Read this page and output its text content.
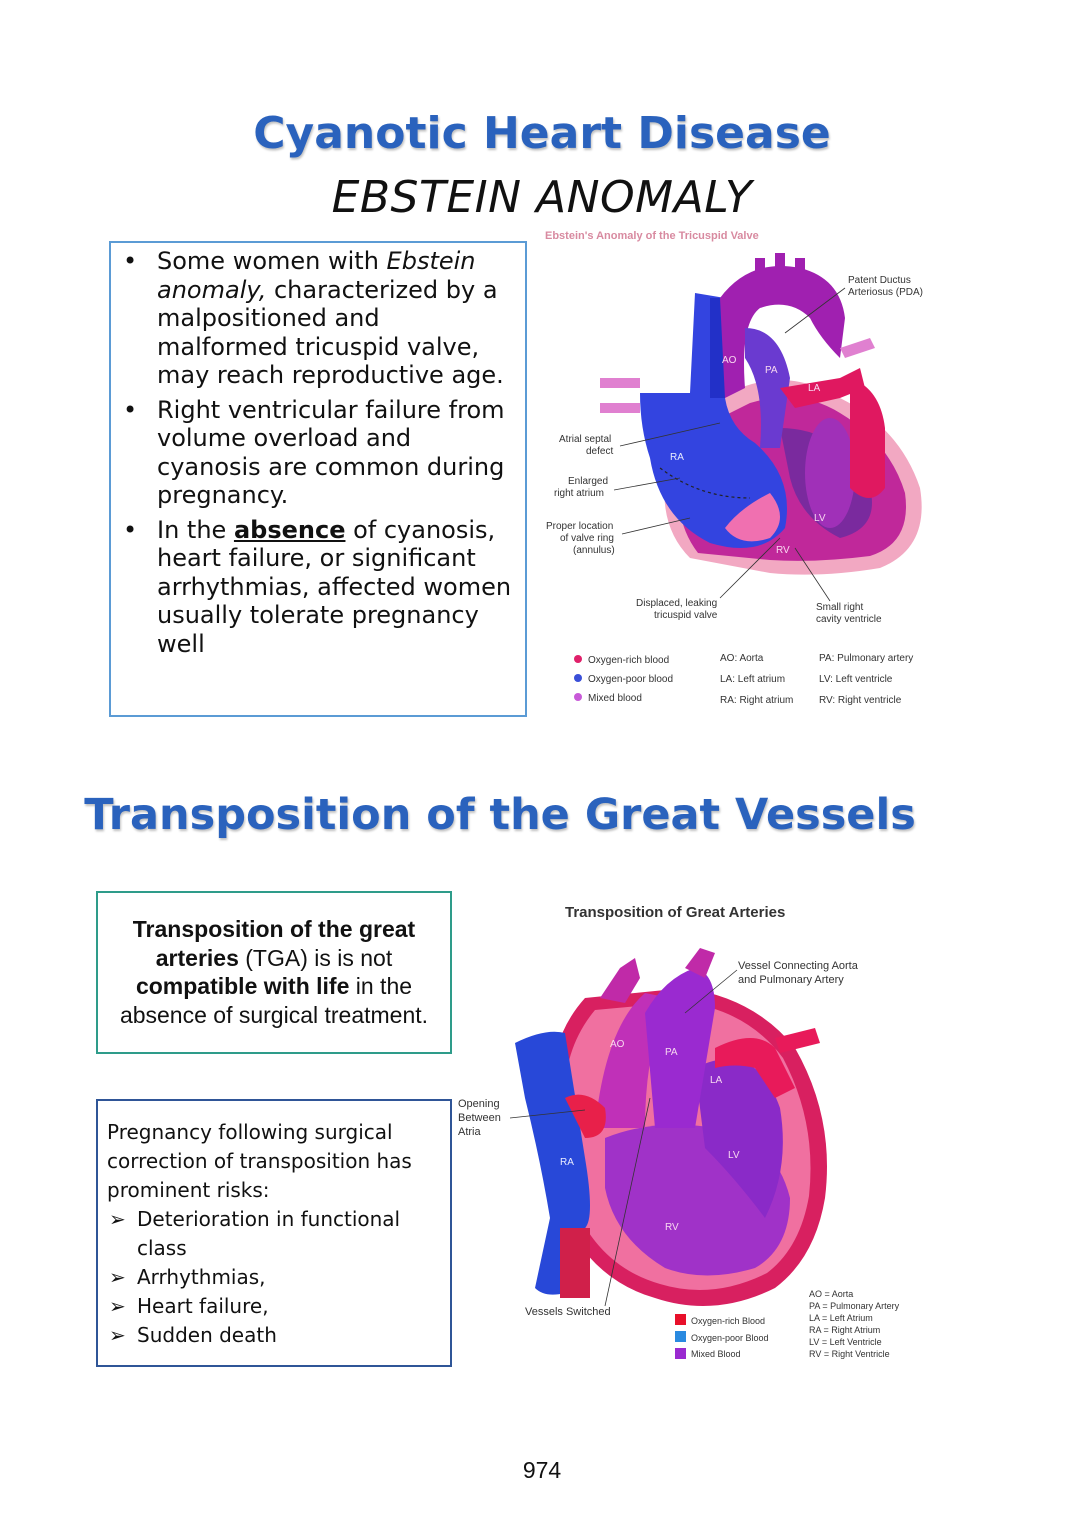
Cyanotic Heart Disease
EBSTEIN ANOMALY
• Some women with Ebstein anomaly, characterized by a malpositioned and malformed tricuspid valve, may reach reproductive age.
• Right ventricular failure from volume overload and cyanosis are common during pregnancy.
• In the absence of cyanosis, heart failure, or significant arrhythmias, affected women usually tolerate pregnancy well
Ebstein's Anomaly of the Tricuspid Valve
Patent Ductus
Arteriosus (PDA)
Atrial septal
defect
Enlarged
right atrium
Proper location
of valve ring
(annulus)
Displaced, leaking
tricuspid valve
Small right
cavity ventricle
AO
PA
LA
RA
LV
RV
Oxygen-rich blood
Oxygen-poor blood
Mixed blood
AO: Aorta
LA: Left atrium
RA: Right atrium
PA: Pulmonary artery
LV: Left ventricle
RV: Right ventricle
Transposition of the Great Vessels
Transposition of the great arteries (TGA) is is not compatible with life in the absence of surgical treatment.
Pregnancy following surgical correction of transposition has prominent risks:
➢ Deterioration in functional class
➢ Arrhythmias,
➢ Heart failure,
➢ Sudden death
Transposition of Great Arteries
Vessel Connecting Aorta
and Pulmonary Artery
Opening
Between
Atria
Vessels Switched
AO
PA
LA
RA
LV
RV
Oxygen-rich Blood
Oxygen-poor Blood
Mixed Blood
AO = Aorta
PA = Pulmonary Artery
LA = Left Atrium
RA = Right Atrium
LV = Left Ventricle
RV = Right Ventricle
974
